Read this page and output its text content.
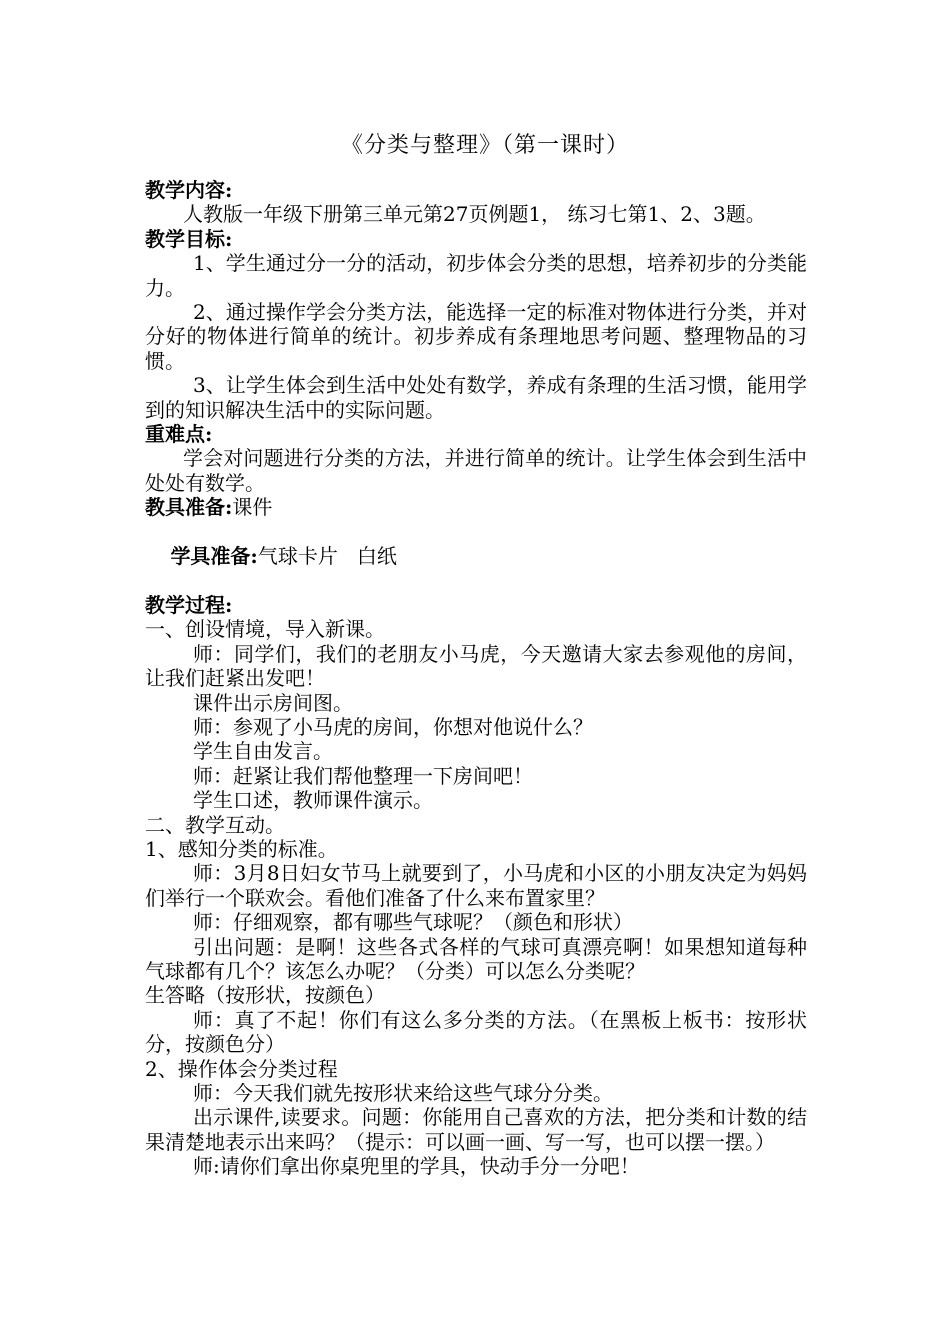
《分类与整理》（第一课时）

教学内容:

人教版一年级下册第三单元第27页例题1， 练习七第1、2、3题。

教学目标:

1、学生通过分一分的活动，初步体会分类的思想，培养初步的分类能力。

2、通过操作学会分类方法，能选择一定的标准对物体进行分类，并对分好的物体进行简单的统计。初步养成有条理地思考问题、整理物品的习惯。

3、让学生体会到生活中处处有数学，养成有条理的生活习惯，能用学到的知识解决生活中的实际问题。

重难点:

学会对问题进行分类的方法，并进行简单的统计。让学生体会到生活中处处有数学。

教具准备:课件

学具准备:气球卡片   白纸

教学过程:

一、创设情境，导入新课。

师：同学们，我们的老朋友小马虎，今天邀请大家去参观他的房间，让我们赶紧出发吧！

课件出示房间图。

师：参观了小马虎的房间，你想对他说什么？

学生自由发言。

师：赶紧让我们帮他整理一下房间吧！

学生口述，教师课件演示。

二、教学互动。

1、感知分类的标准。

师：3月8日妇女节马上就要到了，小马虎和小区的小朋友决定为妈妈们举行一个联欢会。看他们准备了什么来布置家里？

师：仔细观察，都有哪些气球呢？（颜色和形状）

引出问题：是啊！这些各式各样的气球可真漂亮啊！如果想知道每种气球都有几个？该怎么办呢？（分类）可以怎么分类呢？

生答略（按形状，按颜色）

师：真了不起！你们有这么多分类的方法。（在黑板上板书：按形状分，按颜色分）

2、操作体会分类过程

师：今天我们就先按形状来给这些气球分分类。

出示课件,读要求。问题：你能用自己喜欢的方法，把分类和计数的结果清楚地表示出来吗？（提示：可以画一画、写一写，也可以摆一摆。）

师:请你们拿出你桌兜里的学具，快动手分一分吧！
